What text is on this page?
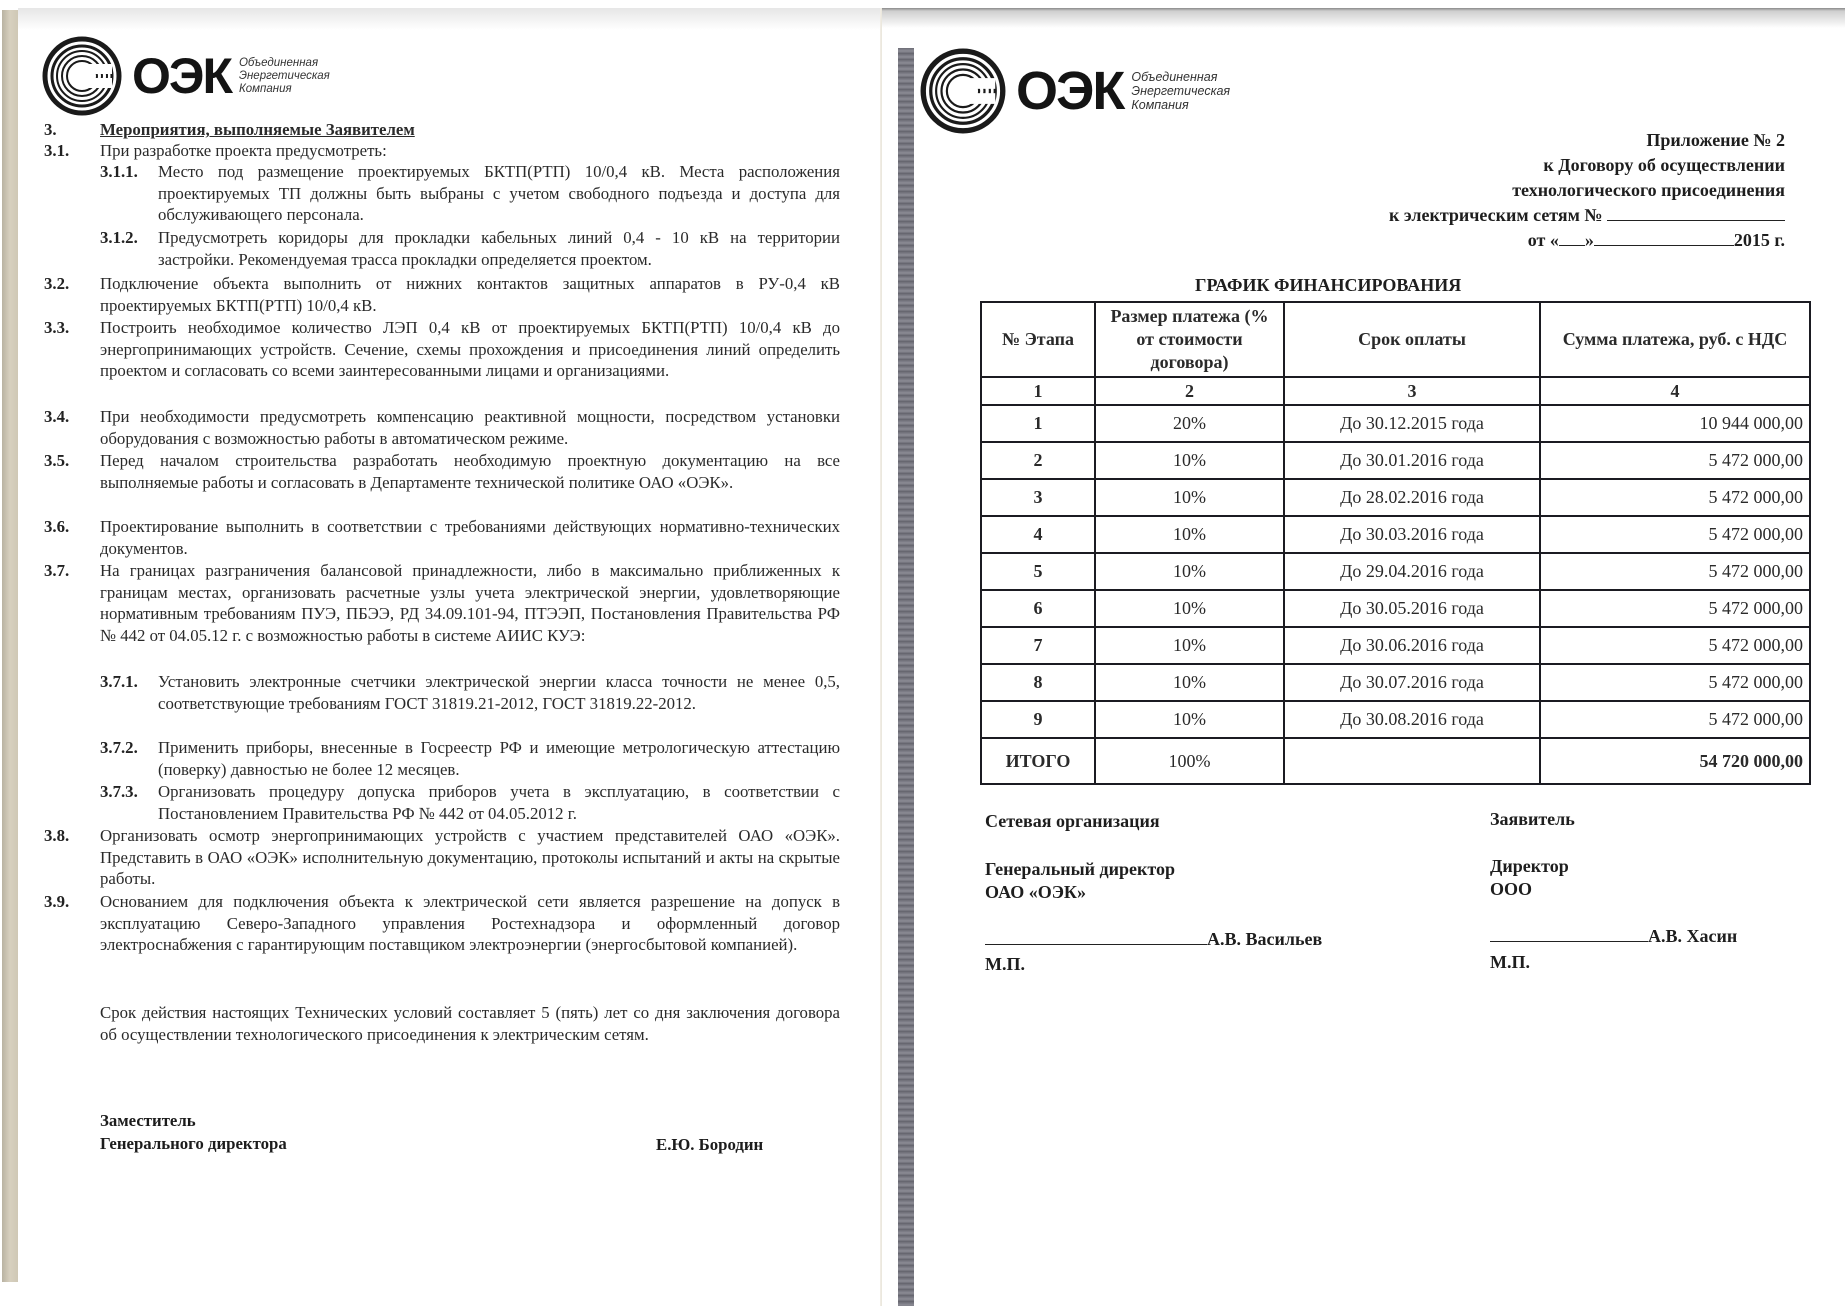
ОЭК Объединенная
Энергетическая
Компания
3.	Мероприятия, выполняемые Заявителем
3.1. При разработке проекта предусмотреть:
3.1.1. Место под размещение проектируемых БКТП(РТП) 10/0,4 кВ. Места расположения проектируемых ТП должны быть выбраны с учетом свободного подъезда и доступа для обслуживающего персонала.
3.1.2. Предусмотреть коридоры для прокладки кабельных линий 0,4 - 10 кВ на территории застройки. Рекомендуемая трасса прокладки определяется проектом.
3.2. Подключение объекта выполнить от нижних контактов защитных аппаратов в РУ-0,4 кВ проектируемых БКТП(РТП) 10/0,4 кВ.
3.3. Построить необходимое количество ЛЭП 0,4 кВ от проектируемых БКТП(РТП) 10/0,4 кВ до энергопринимающих устройств. Сечение, схемы прохождения и присоединения линий определить проектом и согласовать со всеми заинтересованными лицами и организациями.
3.4. При необходимости предусмотреть компенсацию реактивной мощности, посредством установки оборудования с возможностью работы в автоматическом режиме.
3.5. Перед началом строительства разработать необходимую проектную документацию на все выполняемые работы и согласовать в Департаменте технической политике ОАО «ОЭК».
3.6. Проектирование выполнить в соответствии с требованиями действующих нормативно-технических документов.
3.7. На границах разграничения балансовой принадлежности, либо в максимально приближенных к границам местах, организовать расчетные узлы учета электрической энергии, удовлетворяющие нормативным требованиям ПУЭ, ПБЭЭ, РД 34.09.101-94, ПТЭЭП, Постановления Правительства РФ № 442 от 04.05.12 г. с возможностью работы в системе АИИС КУЭ:
3.7.1. Установить электронные счетчики электрической энергии класса точности не менее 0,5, соответствующие требованиям ГОСТ 31819.21-2012, ГОСТ 31819.22-2012.
3.7.2. Применить приборы, внесенные в Госреестр РФ и имеющие метрологическую аттестацию (поверку) давностью не более 12 месяцев.
3.7.3. Организовать процедуру допуска приборов учета в эксплуатацию, в соответствии с Постановлением Правительства РФ № 442 от 04.05.2012 г.
3.8. Организовать осмотр энергопринимающих устройств с участием представителей ОАО «ОЭК». Представить в ОАО «ОЭК» исполнительную документацию, протоколы испытаний и акты на скрытые работы.
3.9. Основанием для подключения объекта к электрической сети является разрешение на допуск в эксплуатацию Северо-Западного управления Ростехнадзора и оформленный договор электроснабжения с гарантирующим поставщиком электроэнергии (энергосбытовой компанией).
Срок действия настоящих Технических условий составляет 5 (пять) лет со дня заключения договора об осуществлении технологического присоединения к электрическим сетям.
Заместитель
Генерального директора	Е.Ю. Бородин
ОЭК Объединенная
Энергетическая
Компания
Приложение № 2
к Договору об осуществлении
технологического присоединения
к электрическим сетям №
от « »	2015 г.
ГРАФИК ФИНАНСИРОВАНИЯ
№ Этапа	Размер платежа (% от стоимости договора)	Срок оплаты	Сумма платежа, руб. с НДС
1	2	3	4
1	20%	До 30.12.2015 года	10 944 000,00
2	10%	До 30.01.2016 года	5 472 000,00
3	10%	До 28.02.2016 года	5 472 000,00
4	10%	До 30.03.2016 года	5 472 000,00
5	10%	До 29.04.2016 года	5 472 000,00
6	10%	До 30.05.2016 года	5 472 000,00
7	10%	До 30.06.2016 года	5 472 000,00
8	10%	До 30.07.2016 года	5 472 000,00
9	10%	До 30.08.2016 года	5 472 000,00
ИТОГО	100%		54 720 000,00
Сетевая организация
Генеральный директор
ОАО «ОЭК»
А.В. Васильев
М.П.
Заявитель
Директор
ООО
А.В. Хасин
М.П.
